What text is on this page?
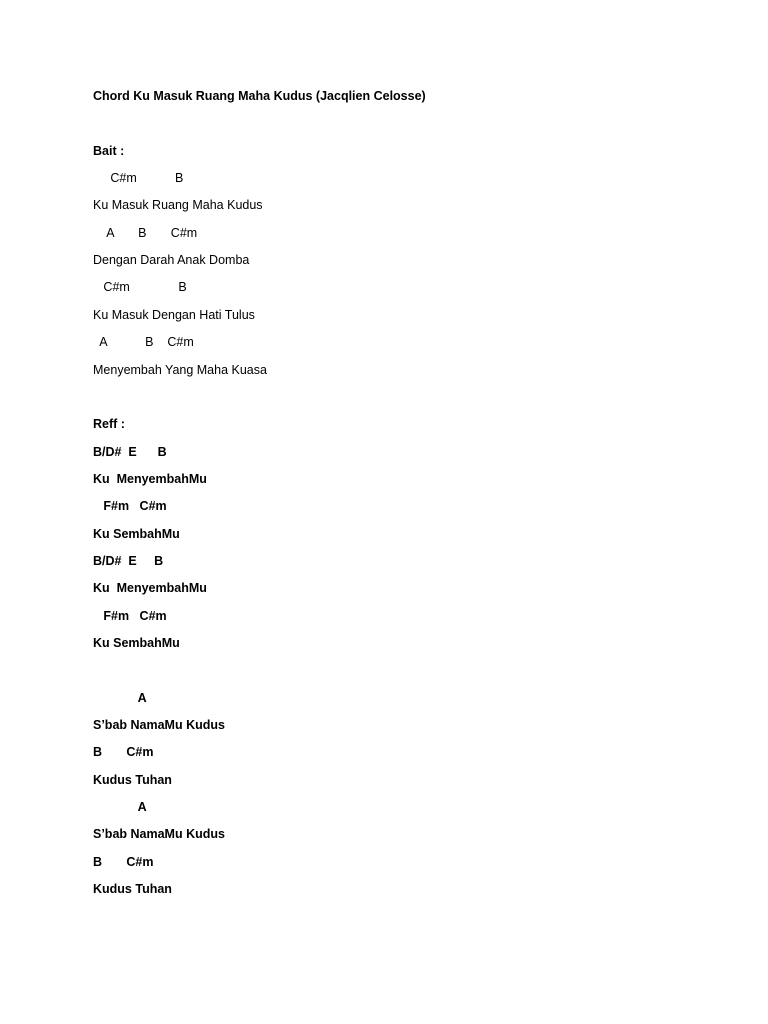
Chord Ku Masuk Ruang Maha Kudus (Jacqlien Celosse)

Bait :

C#m           B

Ku Masuk Ruang Maha Kudus

A       B       C#m

Dengan Darah Anak Domba

C#m              B

Ku Masuk Dengan Hati Tulus

A           B    C#m

Menyembah Yang Maha Kuasa

Reff :

B/D#  E      B

Ku  MenyembahMu

F#m   C#m

Ku SembahMu

B/D#  E     B

Ku  MenyembahMu

F#m   C#m

Ku SembahMu

A

S’bab NamaMu Kudus

B       C#m

Kudus Tuhan

A

S’bab NamaMu Kudus

B       C#m

Kudus Tuhan
